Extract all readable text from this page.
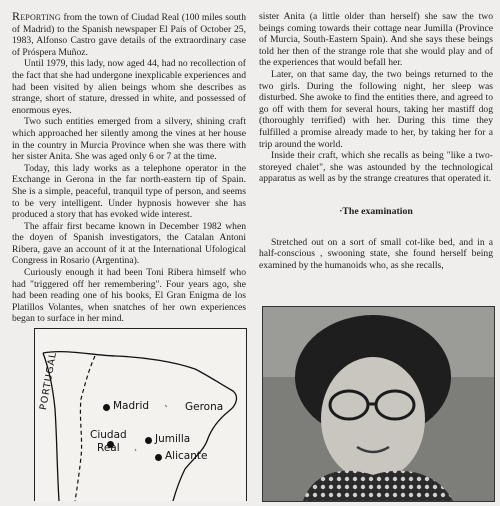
Reporting from the town of Ciudad Real (100 miles south of Madrid) to the Spanish newspaper El País of October 25, 1983, Alfonso Castro gave details of the extraordinary case of Próspera Muñoz.

Until 1979, this lady, now aged 44, had no recollection of the fact that she had undergone inexplicable experiences and had been visited by alien beings whom she describes as strange, short of stature, dressed in white, and possessed of enormous eyes.

Two such entities emerged from a silvery, shining craft which approached her silently among the vines at her house in the country in Murcia Province when she was there with her sister Anita. She was aged only 6 or 7 at the time.

Today, this lady works as a telephone operator in the Exchange in Gerona in the far north-eastern tip of Spain. She is a simple, peaceful, tranquil type of person, and seems to be very intelligent. Under hypnosis however she has produced a story that has evoked wide interest.

The affair first became known in December 1982 when the doyen of Spanish investigators, the Catalan Antoni Ribera, gave an account of it at the International Ufological Congress in Rosario (Argentina).

Curiously enough it had been Toni Ribera himself who had "triggered off her remembering". Four years ago, she had been reading one of his books, El Gran Enigma de los Platillos Volantes, when snatches of her own experiences began to surface in her mind.

sister Anita (a little older than herself) she saw the two beings coming towards their cottage near Jumilla (Province of Murcia, South-Eastern Spain). And she says these beings told her then of the strange role that she would play and of the experiences that would befall her.

Later, on that same day, the two beings returned to the two girls. During the following night, her sleep was disturbed. She awoke to find the entities there, and agreed to go off with them for several hours, taking her mastiff dog (thoroughly terrified) with her. During this time they fulfilled a promise already made to her, by taking her for a trip around the world.

Inside their craft, which she recalls as being "like a two-storeyed chalet", she was astounded by the technological apparatus as well as by the strange creatures that operated it.

·The examination

Stretched out on a sort of small cot-like bed, and in a half-conscious , swooning state, she found herself being examined by the humanoids who, as she recalls,

PORTUGAL	Madrid	Gerona
Ciudad
Real
Jumilla
Alicante
